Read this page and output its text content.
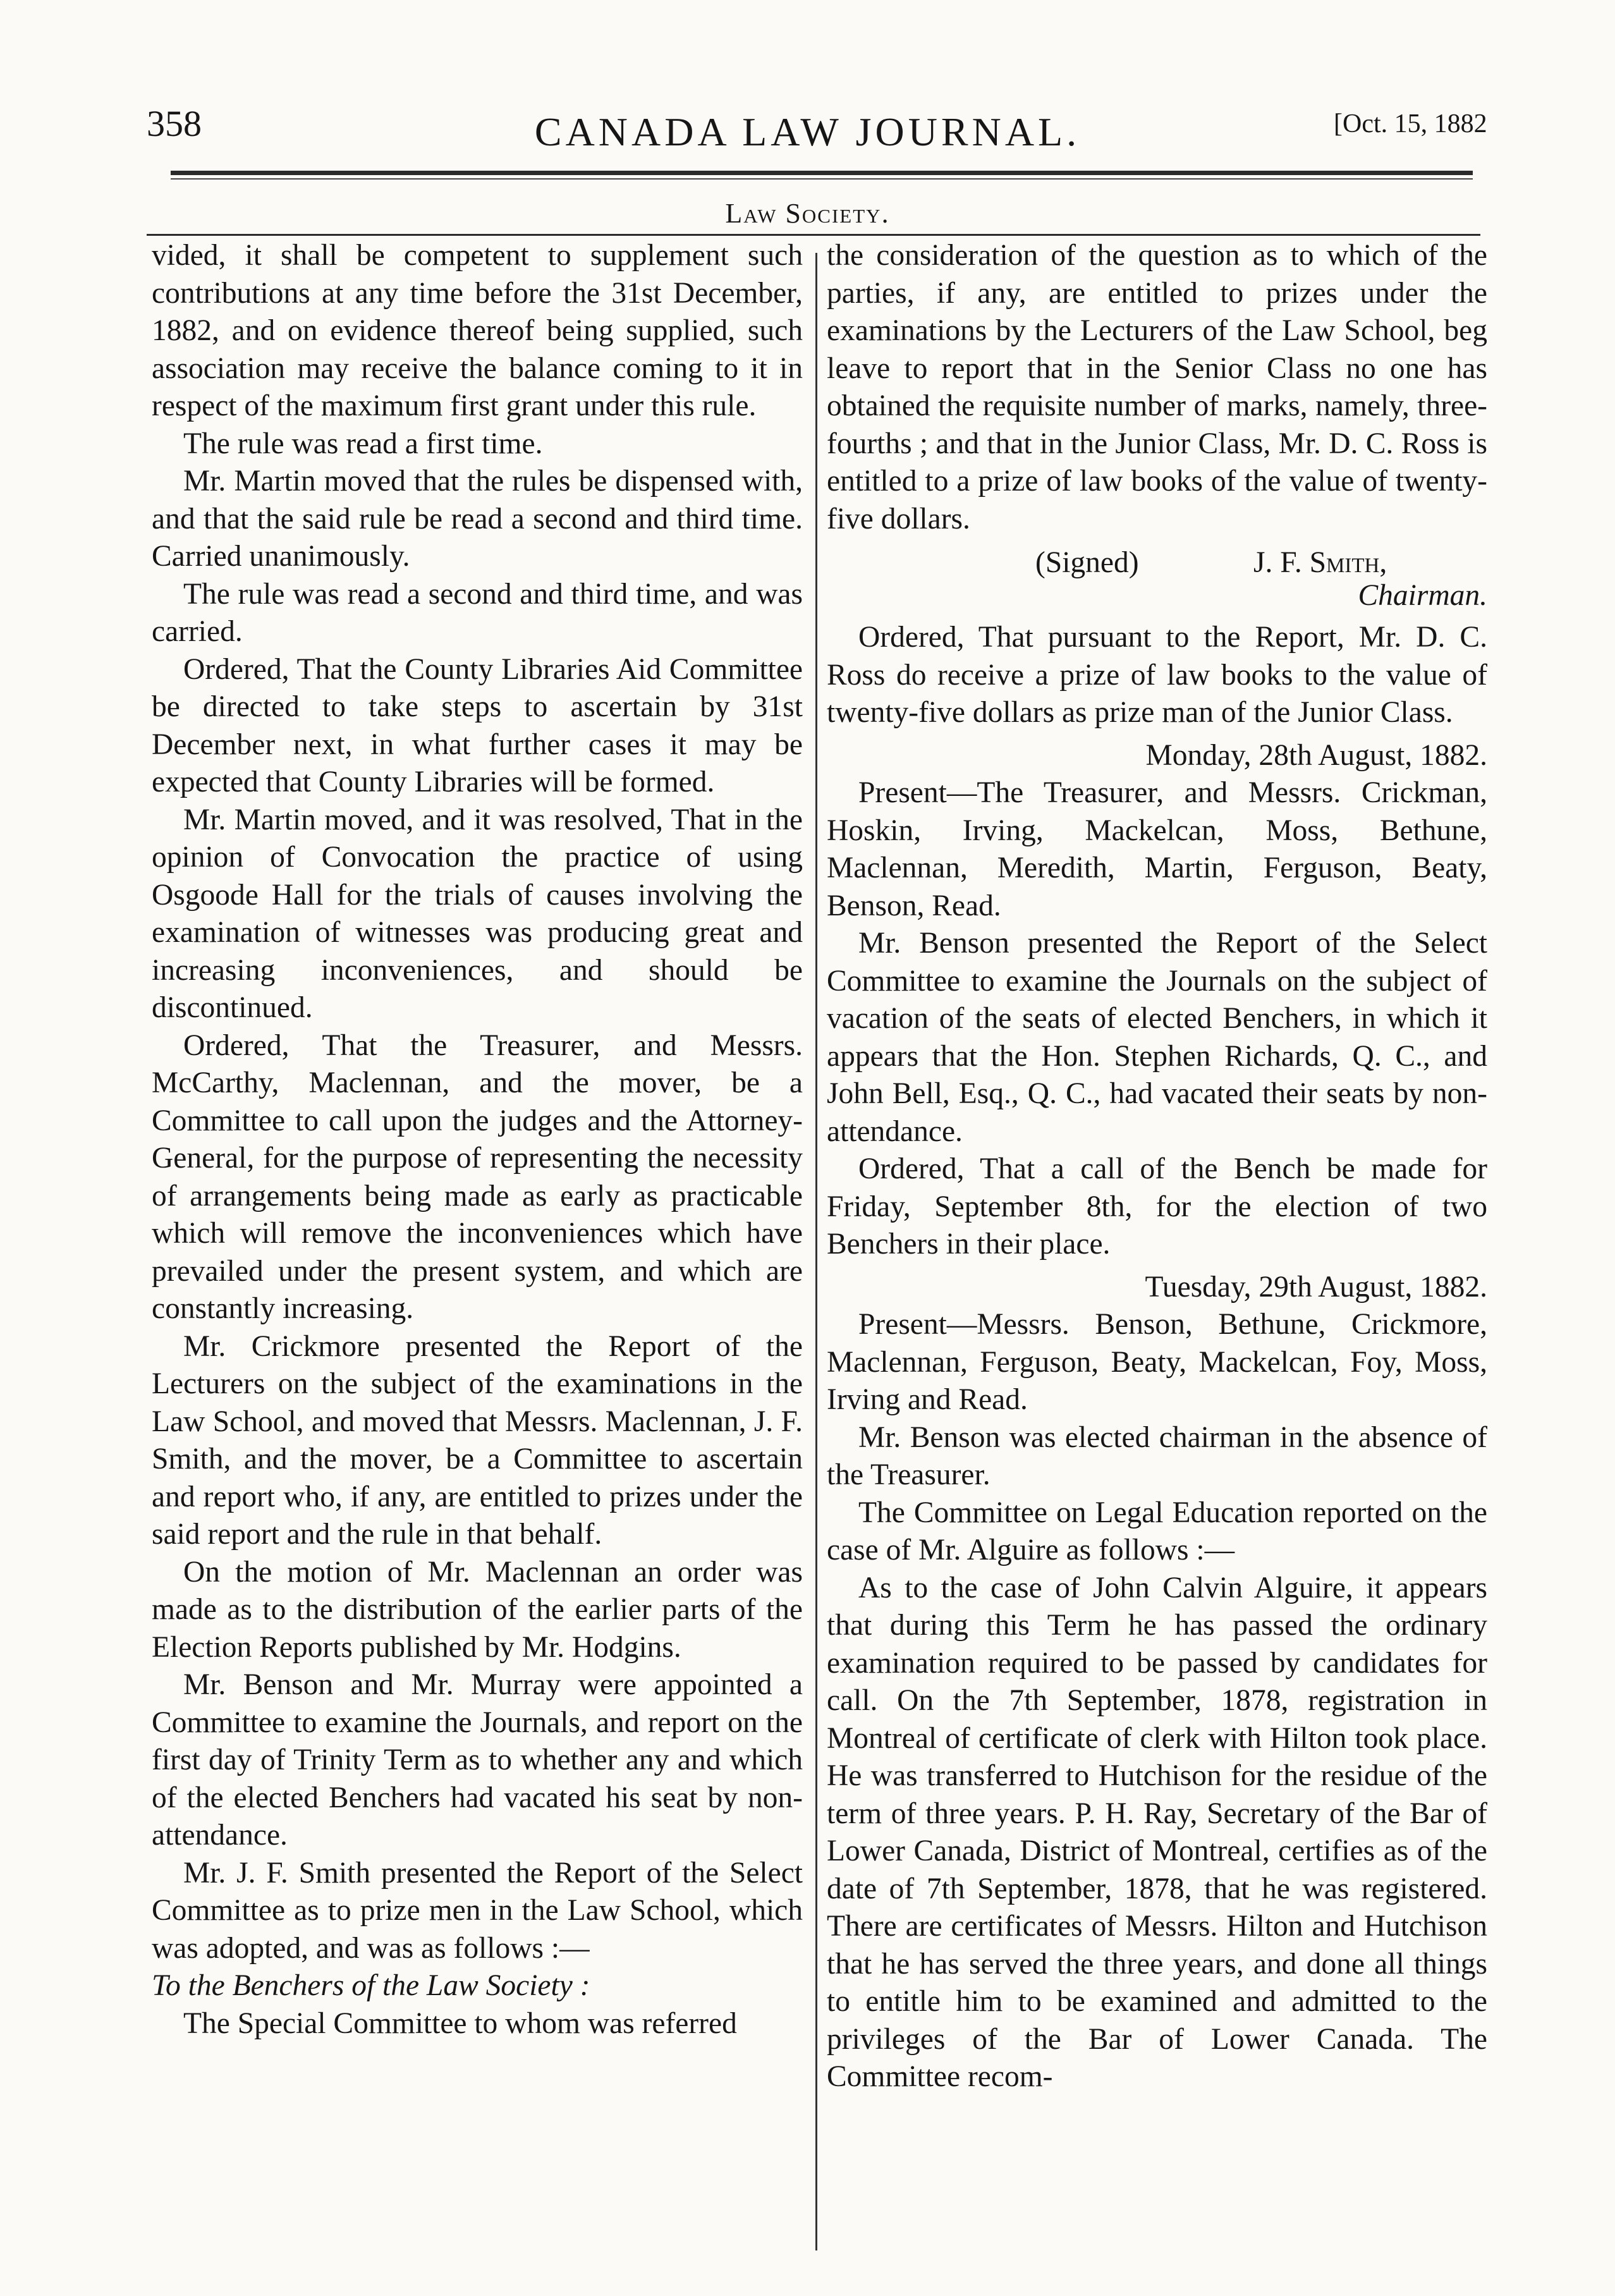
358	CANADA LAW JOURNAL.	[Oct. 15, 1882
Law Society.

vided, it shall be competent to supplement such contributions at any time before the 31st December, 1882, and on evidence thereof being supplied, such association may receive the balance coming to it in respect of the maximum first grant under this rule.

The rule was read a first time.

Mr. Martin moved that the rules be dispensed with, and that the said rule be read a second and third time. Carried unanimously.

The rule was read a second and third time, and was carried.

Ordered, That the County Libraries Aid Committee be directed to take steps to ascertain by 31st December next, in what further cases it may be expected that County Libraries will be formed.

Mr. Martin moved, and it was resolved, That in the opinion of Convocation the practice of using Osgoode Hall for the trials of causes involving the examination of witnesses was producing great and increasing inconveniences, and should be discontinued.

Ordered, That the Treasurer, and Messrs. McCarthy, Maclennan, and the mover, be a Committee to call upon the judges and the Attorney-General, for the purpose of representing the necessity of arrangements being made as early as practicable which will remove the inconveniences which have prevailed under the present system, and which are constantly increasing.

Mr. Crickmore presented the Report of the Lecturers on the subject of the examinations in the Law School, and moved that Messrs. Maclennan, J. F. Smith, and the mover, be a Committee to ascertain and report who, if any, are entitled to prizes under the said report and the rule in that behalf.

On the motion of Mr. Maclennan an order was made as to the distribution of the earlier parts of the Election Reports published by Mr. Hodgins.

Mr. Benson and Mr. Murray were appointed a Committee to examine the Journals, and report on the first day of Trinity Term as to whether any and which of the elected Benchers had vacated his seat by non-attendance.

Mr. J. F. Smith presented the Report of the Select Committee as to prize men in the Law School, which was adopted, and was as follows :—

To the Benchers of the Law Society :

The Special Committee to whom was referred

the consideration of the question as to which of the parties, if any, are entitled to prizes under the examinations by the Lecturers of the Law School, beg leave to report that in the Senior Class no one has obtained the requisite number of marks, namely, three-fourths ; and that in the Junior Class, Mr. D. C. Ross is entitled to a prize of law books of the value of twenty-five dollars.

(Signed)	J. F. Smith,
Chairman.

Ordered, That pursuant to the Report, Mr. D. C. Ross do receive a prize of law books to the value of twenty-five dollars as prize man of the Junior Class.

Monday, 28th August, 1882.

Present—The Treasurer, and Messrs. Crickman, Hoskin, Irving, Mackelcan, Moss, Bethune, Maclennan, Meredith, Martin, Ferguson, Beaty, Benson, Read.

Mr. Benson presented the Report of the Select Committee to examine the Journals on the subject of vacation of the seats of elected Benchers, in which it appears that the Hon. Stephen Richards, Q. C., and John Bell, Esq., Q. C., had vacated their seats by non-attendance.

Ordered, That a call of the Bench be made for Friday, September 8th, for the election of two Benchers in their place.

Tuesday, 29th August, 1882.

Present—Messrs. Benson, Bethune, Crickmore, Maclennan, Ferguson, Beaty, Mackelcan, Foy, Moss, Irving and Read.

Mr. Benson was elected chairman in the absence of the Treasurer.

The Committee on Legal Education reported on the case of Mr. Alguire as follows :—

As to the case of John Calvin Alguire, it appears that during this Term he has passed the ordinary examination required to be passed by candidates for call. On the 7th September, 1878, registration in Montreal of certificate of clerk with Hilton took place. He was transferred to Hutchison for the residue of the term of three years. P. H. Ray, Secretary of the Bar of Lower Canada, District of Montreal, certifies as of the date of 7th September, 1878, that he was registered. There are certificates of Messrs. Hilton and Hutchison that he has served the three years, and done all things to entitle him to be examined and admitted to the privileges of the Bar of Lower Canada. The Committee recom-
